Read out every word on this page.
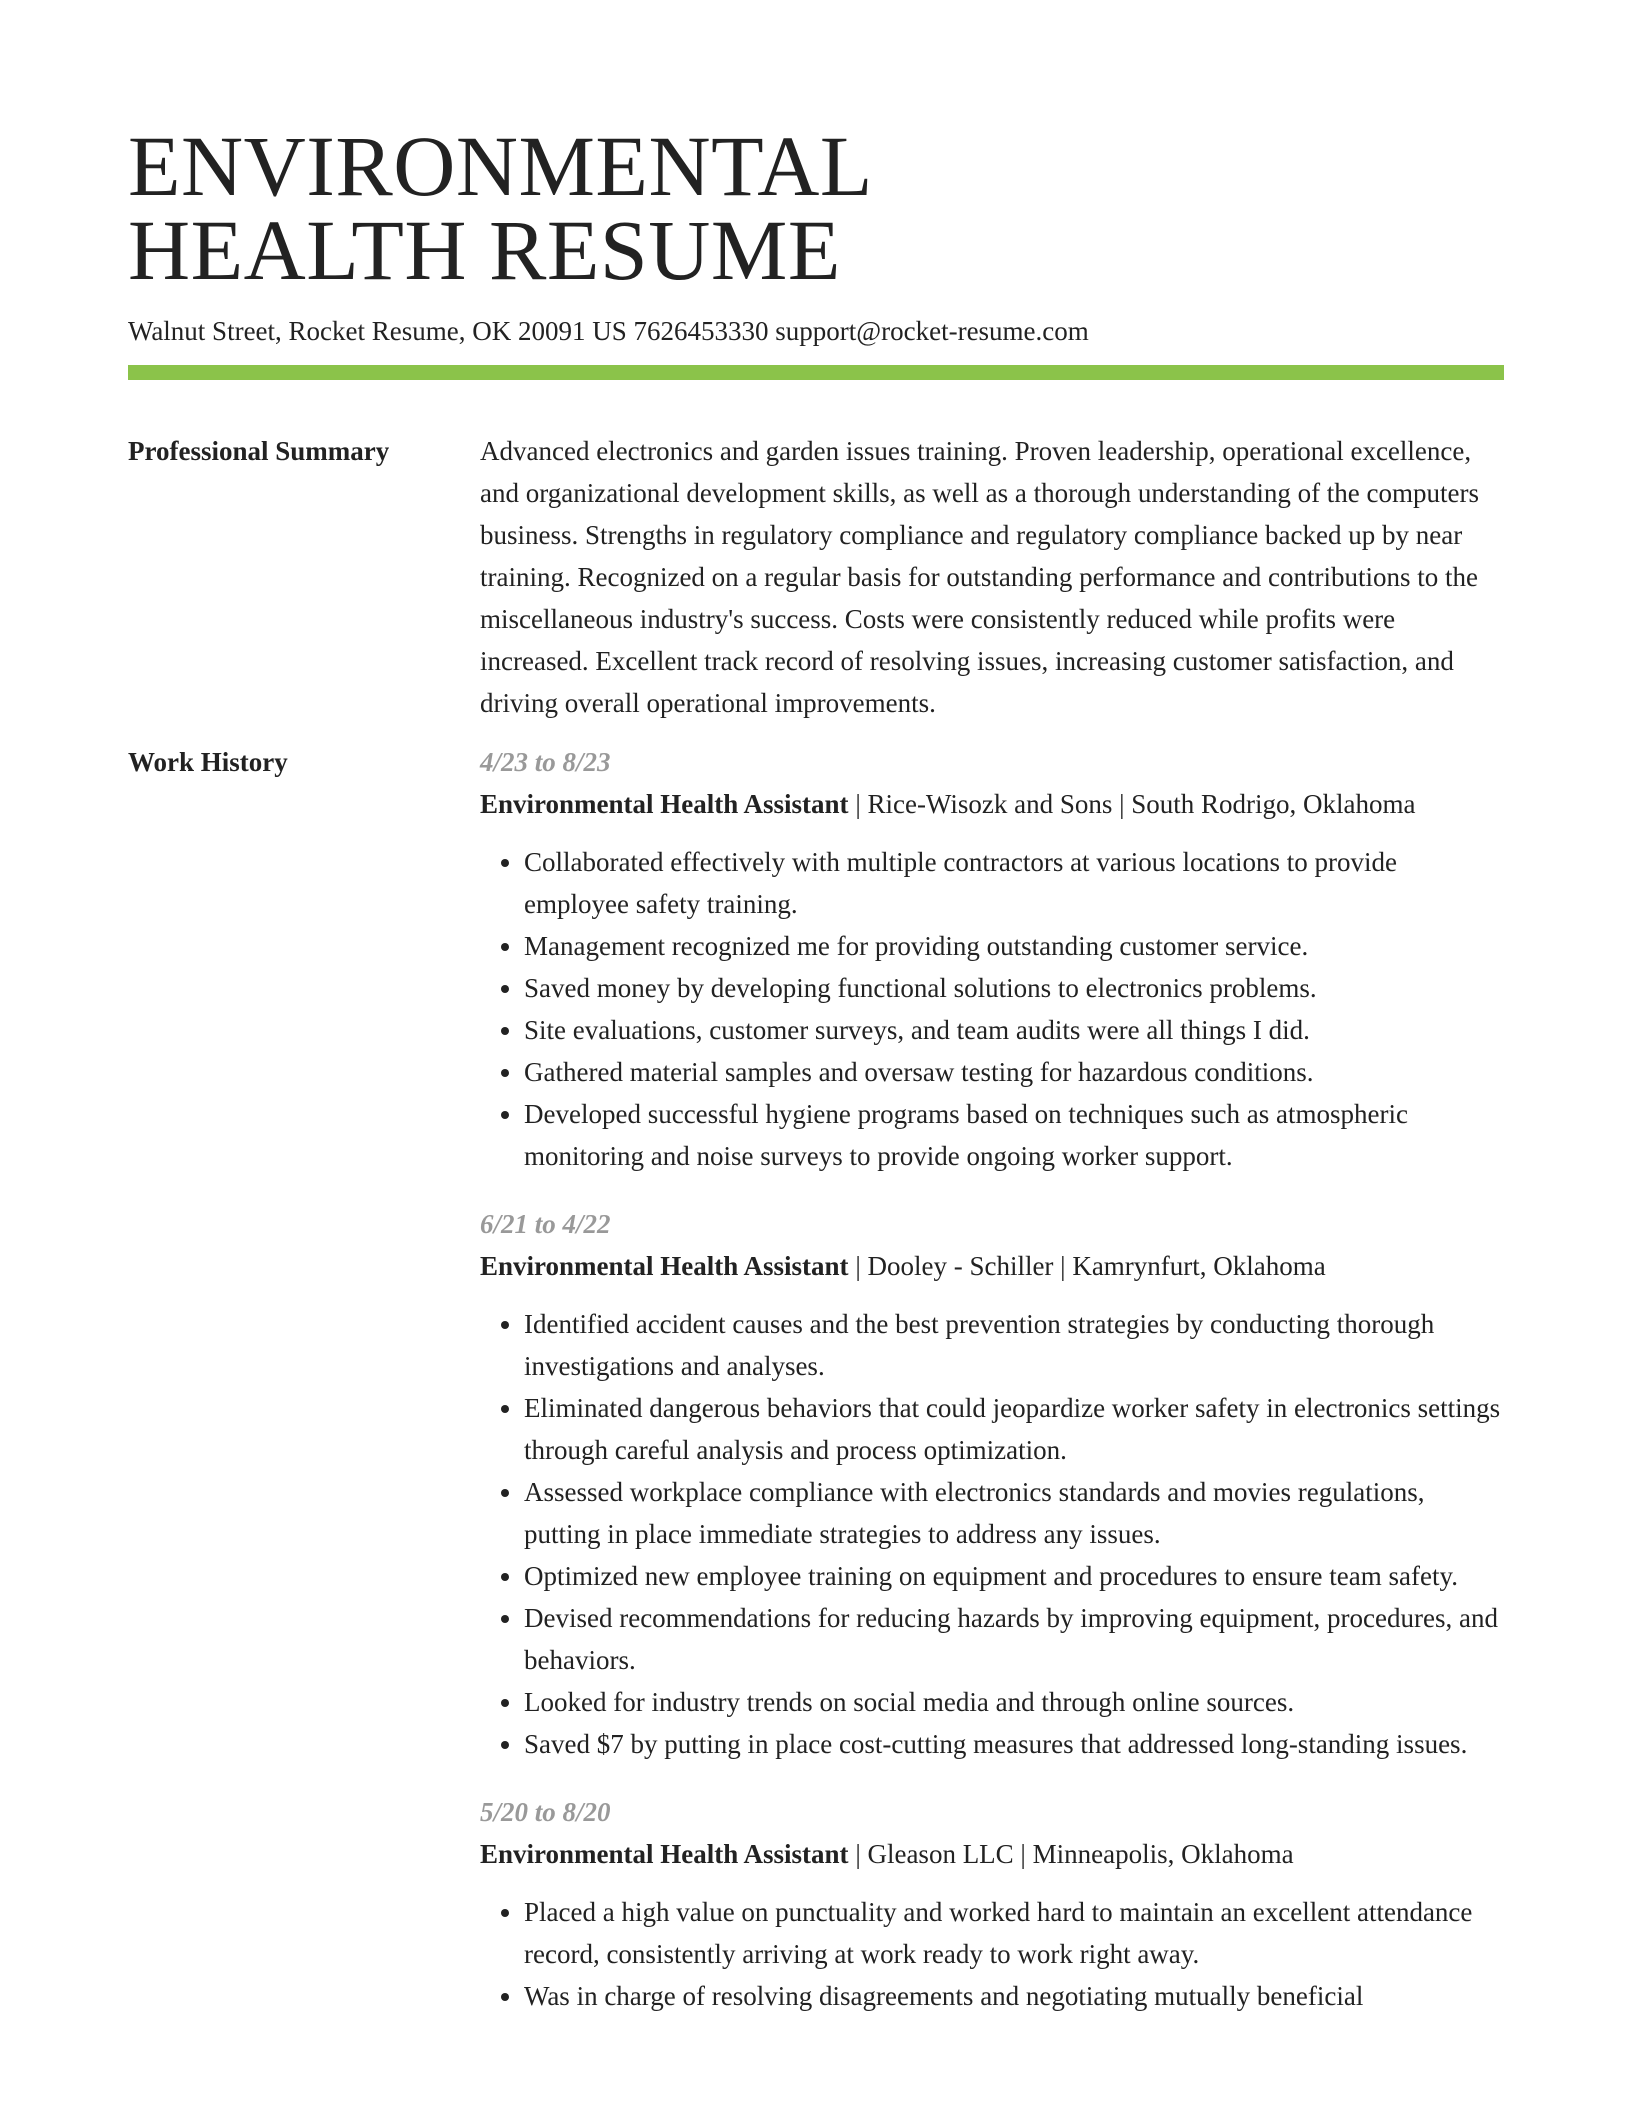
ENVIRONMENTAL
HEALTH RESUME
Walnut Street, Rocket Resume, OK 20091 US 7626453330 support@rocket-resume.com
Professional Summary	Advanced electronics and garden issues training. Proven leadership, operational excellence, and organizational development skills, as well as a thorough understanding of the computers business. Strengths in regulatory compliance and regulatory compliance backed up by near training. Recognized on a regular basis for outstanding performance and contributions to the miscellaneous industry's success. Costs were consistently reduced while profits were increased. Excellent track record of resolving issues, increasing customer satisfaction, and driving overall operational improvements.

Work History	4/23 to 8/23
Environmental Health Assistant | Rice-Wisozk and Sons | South Rodrigo, Oklahoma
• Collaborated effectively with multiple contractors at various locations to provide employee safety training.
• Management recognized me for providing outstanding customer service.
• Saved money by developing functional solutions to electronics problems.
• Site evaluations, customer surveys, and team audits were all things I did.
• Gathered material samples and oversaw testing for hazardous conditions.
• Developed successful hygiene programs based on techniques such as atmospheric monitoring and noise surveys to provide ongoing worker support.
6/21 to 4/22
Environmental Health Assistant | Dooley - Schiller | Kamrynfurt, Oklahoma
• Identified accident causes and the best prevention strategies by conducting thorough investigations and analyses.
• Eliminated dangerous behaviors that could jeopardize worker safety in electronics settings through careful analysis and process optimization.
• Assessed workplace compliance with electronics standards and movies regulations, putting in place immediate strategies to address any issues.
• Optimized new employee training on equipment and procedures to ensure team safety.
• Devised recommendations for reducing hazards by improving equipment, procedures, and behaviors.
• Looked for industry trends on social media and through online sources.
• Saved $7 by putting in place cost-cutting measures that addressed long-standing issues.
5/20 to 8/20
Environmental Health Assistant | Gleason LLC | Minneapolis, Oklahoma
• Placed a high value on punctuality and worked hard to maintain an excellent attendance record, consistently arriving at work ready to work right away.
• Was in charge of resolving disagreements and negotiating mutually beneficial
